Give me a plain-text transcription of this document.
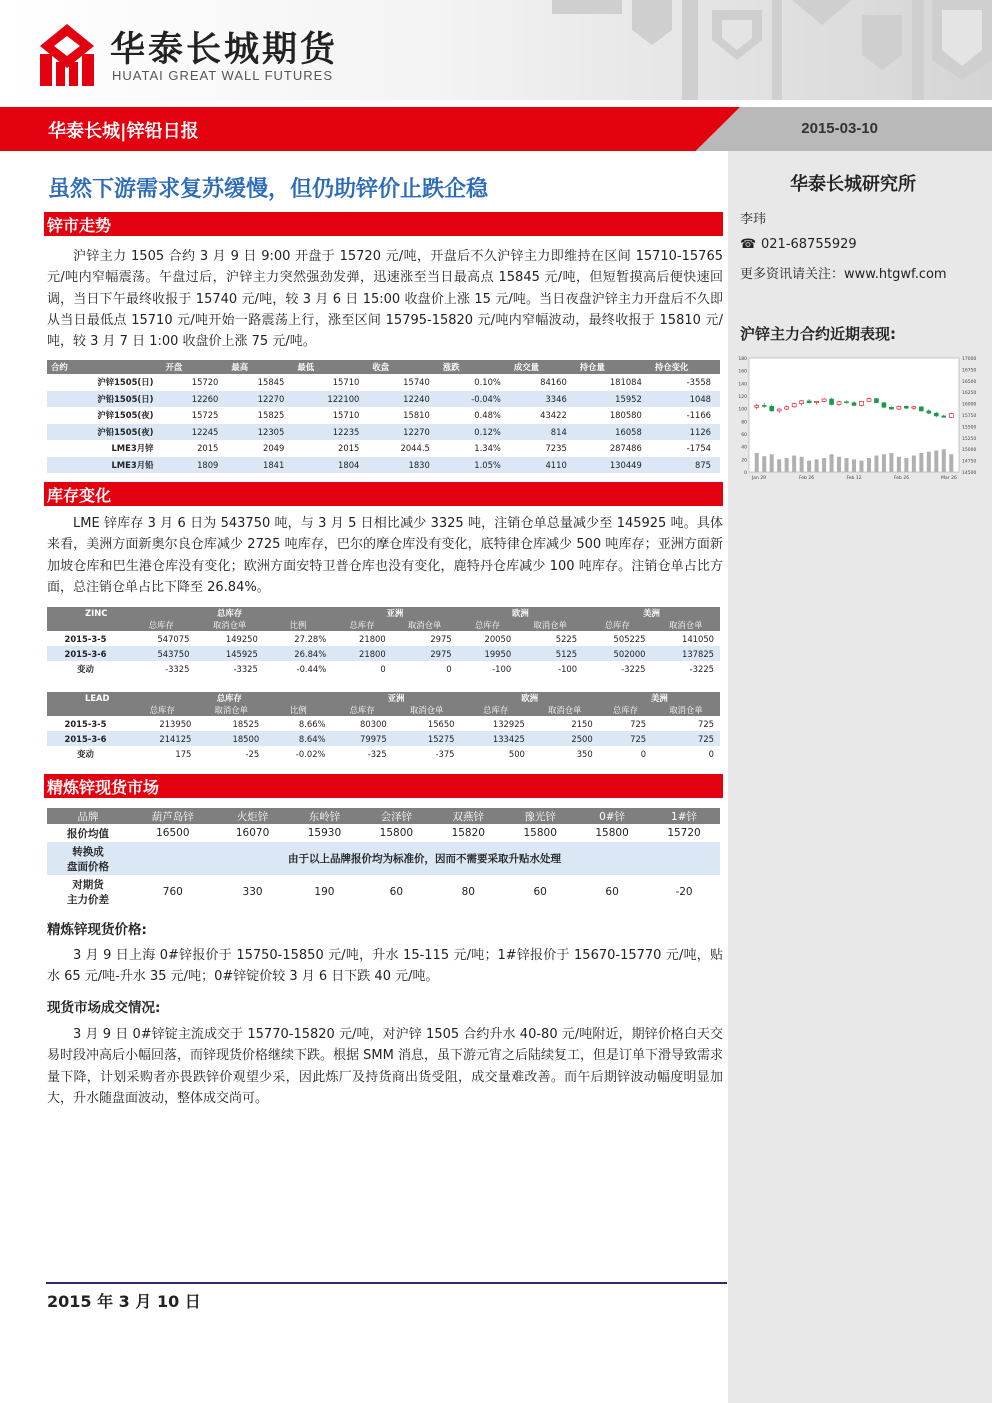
华泰长城期货
HUATAI GREAT WALL FUTURES
华泰长城|锌铅日报	2015-03-10
虽然下游需求复苏缓慢，但仍助锌价止跌企稳
锌市走势

沪锌主力 1505 合约 3 月 9 日 9:00 开盘于 15720 元/吨，开盘后不久沪锌主力即维持在区间 15710-15765 元/吨内窄幅震荡。午盘过后，沪锌主力突然强劲发弹，迅速涨至当日最高点 15845 元/吨，但短暂摸高后便快速回调，当日下午最终收报于 15740 元/吨，较 3 月 6 日 15:00 收盘价上涨 15 元/吨。当日夜盘沪锌主力开盘后不久即从当日最低点 15710 元/吨开始一路震荡上行，涨至区间 15795-15820 元/吨内窄幅波动，最终收报于 15810 元/吨，较 3 月 7 日 1:00 收盘价上涨 75 元/吨。

合约	开盘	最高	最低	收盘	涨跌	成交量	持仓量	持仓变化
沪锌1505(日)	15720	15845	15710	15740	0.10%	84160	181084	-3558
沪铅1505(日)	12260	12270	122100	12240	-0.04%	3346	15952	1048
沪锌1505(夜)	15725	15825	15710	15810	0.48%	43422	180580	-1166
沪铅1505(夜)	12245	12305	12235	12270	0.12%	814	16058	1126
LME3月锌	2015	2049	2015	2044.5	1.34%	7235	287486	-1754
LME3月铅	1809	1841	1804	1830	1.05%	4110	130449	875
库存变化

LME 锌库存 3 月 6 日为 543750 吨，与 3 月 5 日相比减少 3325 吨，注销仓单总量减少至 145925 吨。具体来看，美洲方面新奥尔良仓库减少 2725 吨库存，巴尔的摩仓库没有变化，底特律仓库减少 500 吨库存；亚洲方面新加坡仓库和巴生港仓库没有变化；欧洲方面安特卫普仓库也没有变化，鹿特丹仓库减少 100 吨库存。注销仓单占比方面，总注销仓单占比下降至 26.84%。

ZINC	总库存			亚洲		欧洲		美洲	
	总库存	取消仓单	比例	总库存	取消仓单	总库存	取消仓单	总库存	取消仓单
2015-3-5	547075	149250	27.28%	21800	2975	20050	5225	505225	141050
2015-3-6	543750	145925	26.84%	21800	2975	19950	5125	502000	137825
变动	-3325	-3325	-0.44%	0	0	-100	-100	-3225	-3225
LEAD	总库存			亚洲		欧洲		美洲	
	总库存	取消仓单	比例	总库存	取消仓单	总库存	取消仓单	总库存	取消仓单
2015-3-5	213950	18525	8.66%	80300	15650	132925	2150	725	725
2015-3-6	214125	18500	8.64%	79975	15275	133425	2500	725	725
变动	175	-25	-0.02%	-325	-375	500	350	0	0
精炼锌现货市场
品牌	葫芦岛锌	火炬锌	东岭锌	会泽锌	双燕锌	豫光锌	0#锌	1#锌
报价均值	16500	16070	15930	15800	15820	15800	15800	15720

转换成
盘面价格	由于以上品牌报价均为标准价，因而不需要采取升贴水处理							

对期货
主力价差	760	330	190	60	80	60	60	-20
精炼锌现货价格:

3 月 9 日上海 0#锌报价于 15750-15850 元/吨，升水 15-115 元/吨；1#锌报价于 15670-15770 元/吨，贴水 65 元/吨-升水 35 元/吨；0#锌锭价较 3 月 6 日下跌 40 元/吨。

现货市场成交情况:

3 月 9 日 0#锌锭主流成交于 15770-15820 元/吨，对沪锌 1505 合约升水 40-80 元/吨附近，期锌价格白天交易时段冲高后小幅回落，而锌现货价格继续下跌。根据 SMM 消息，虽下游元宵之后陆续复工，但是订单下滑导致需求量下降，计划采购者亦畏跌锌价观望少采，因此炼厂及持货商出货受阻，成交量难改善。而午后期锌波动幅度明显加大，升水随盘面波动，整体成交尚可。

2015 年 3 月 10 日
华泰长城研究所
李玮
☎ 021-68755929
更多资讯请关注：www.htgwf.com
沪锌主力合约近期表现:
180
160
140
120
100
80
60
40
20
0
17000
16750
16500
16250
16000
15750
15500
15250
15000
14750
14500
Jan 29	Feb 26	Feb 12	Feb 26	Mar 26
